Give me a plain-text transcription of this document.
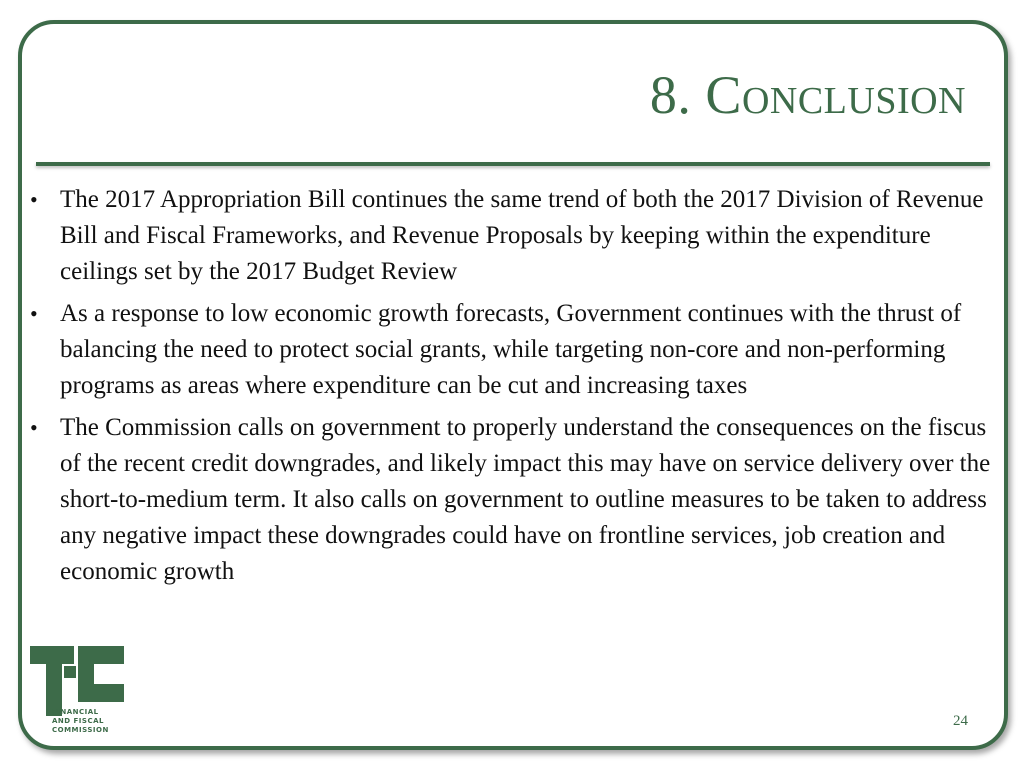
8. Conclusion
• The 2017 Appropriation Bill continues the same trend of both the 2017 Division of Revenue Bill and Fiscal Frameworks, and Revenue Proposals by keeping within the expenditure ceilings set by the 2017 Budget Review
• As a response to low economic growth forecasts, Government continues with the thrust of balancing the need to protect social grants, while targeting non-core and non-performing programs as areas where expenditure can be cut and increasing taxes
• The Commission calls on government to properly understand the consequences on the fiscus of the recent credit downgrades, and likely impact this may have on service delivery over the short-to-medium term. It also calls on government to outline measures to be taken to address any negative impact these downgrades could have on frontline services, job creation and economic growth
FINANCIAL
AND FISCAL
COMMISSION
24
